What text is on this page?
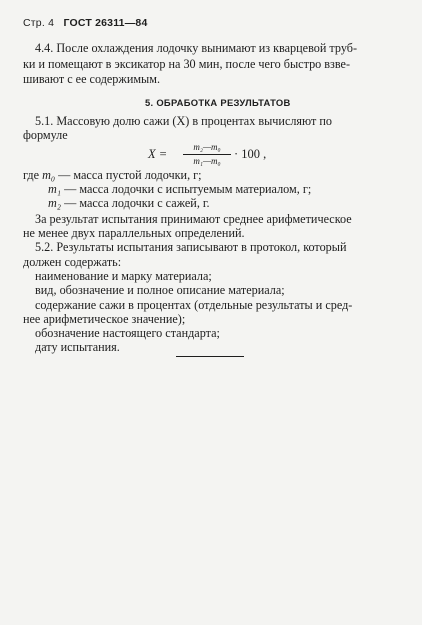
Стр. 4 ГОСТ 26311—84
4.4. После охлаждения лодочку вынимают из кварцевой труб-
ки и помещают в эксикатор на 30 мин, после чего быстро взве-
шивают с ее содержимым.
5. ОБРАБОТКА РЕЗУЛЬТАТОВ
5.1. Массовую долю сажи (X) в процентах вычисляют по
формуле
X =	m₂—m₀
m₁—m₀	· 100 ,
где m₀ — масса пустой лодочки, г;
m₁ — масса лодочки с испытуемым материалом, г;
m₂ — масса лодочки с сажей, г.
За результат испытания принимают среднее арифметическое
не менее двух параллельных определений.
5.2. Результаты испытания записывают в протокол, который
должен содержать:
наименование и марку материала;
вид, обозначение и полное описание материала;
содержание сажи в процентах (отдельные результаты и сред-
нее арифметическое значение);
обозначение настоящего стандарта;
дату испытания.
